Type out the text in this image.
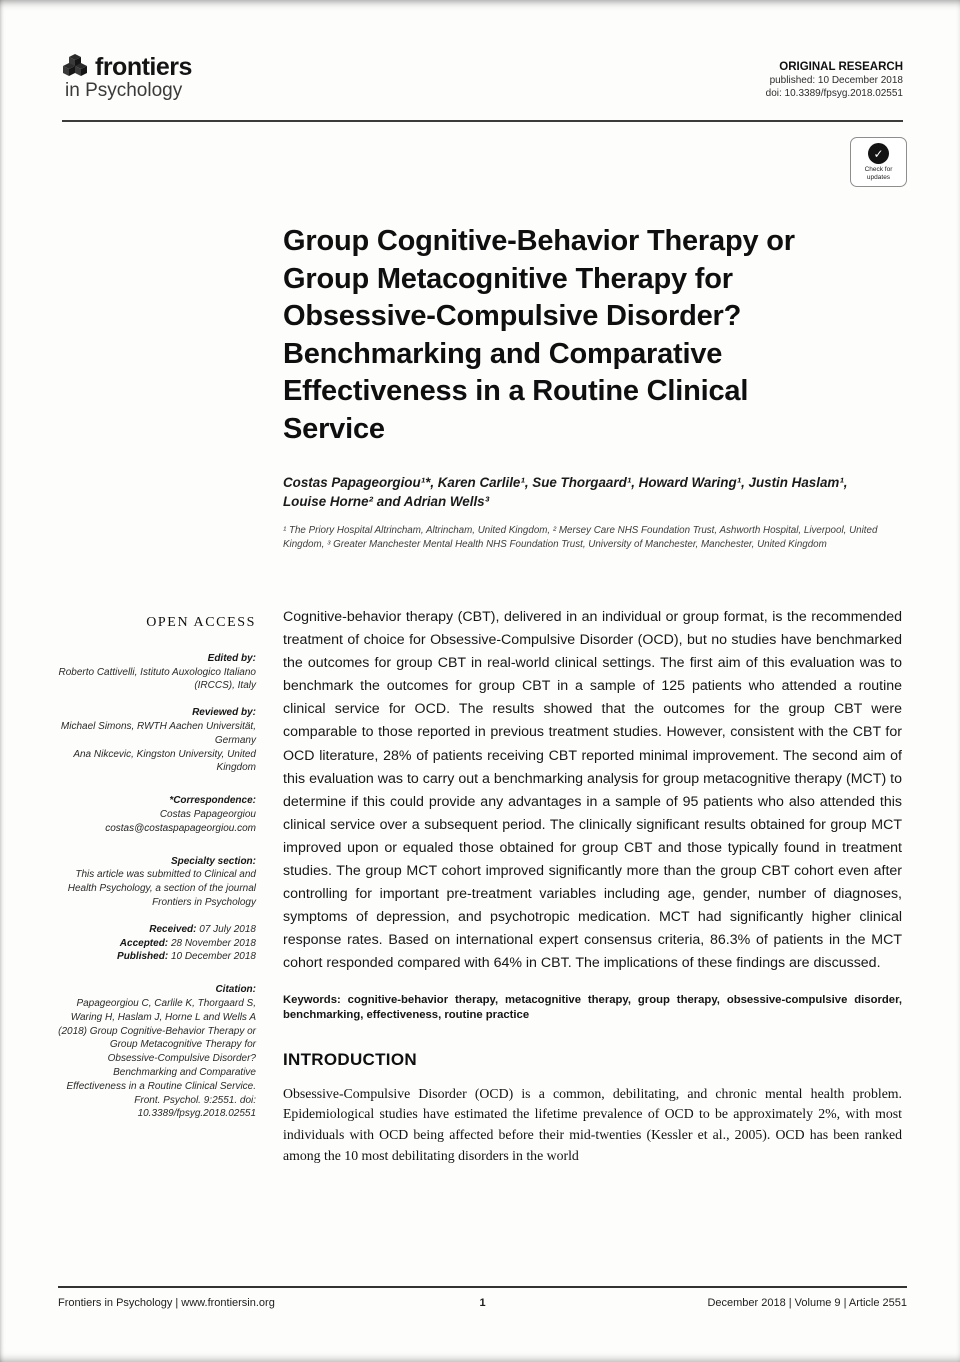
frontiers
in Psychology
ORIGINAL RESEARCH
published: 10 December 2018
doi: 10.3389/fpsyg.2018.02551
✓
Check for
updates
Group Cognitive-Behavior Therapy or Group Metacognitive Therapy for Obsessive-Compulsive Disorder? Benchmarking and Comparative Effectiveness in a Routine Clinical Service
Costas Papageorgiou¹*, Karen Carlile¹, Sue Thorgaard¹, Howard Waring¹, Justin Haslam¹, Louise Horne² and Adrian Wells³
¹ The Priory Hospital Altrincham, Altrincham, United Kingdom, ² Mersey Care NHS Foundation Trust, Ashworth Hospital, Liverpool, United Kingdom, ³ Greater Manchester Mental Health NHS Foundation Trust, University of Manchester, Manchester, United Kingdom
OPEN ACCESS
Edited by:
Roberto Cattivelli, Istituto Auxologico Italiano (IRCCS), Italy
Reviewed by:
Michael Simons, RWTH Aachen Universität, Germany
Ana Nikcevic, Kingston University, United Kingdom
*Correspondence:
Costas Papageorgiou
costas@costaspapageorgiou.com
Specialty section:
This article was submitted to Clinical and Health Psychology, a section of the journal Frontiers in Psychology
Received: 07 July 2018
Accepted: 28 November 2018
Published: 10 December 2018
Citation:
Papageorgiou C, Carlile K, Thorgaard S, Waring H, Haslam J, Horne L and Wells A (2018) Group Cognitive-Behavior Therapy or Group Metacognitive Therapy for Obsessive-Compulsive Disorder? Benchmarking and Comparative Effectiveness in a Routine Clinical Service. Front. Psychol. 9:2551. doi: 10.3389/fpsyg.2018.02551

Cognitive-behavior therapy (CBT), delivered in an individual or group format, is the recommended treatment of choice for Obsessive-Compulsive Disorder (OCD), but no studies have benchmarked the outcomes for group CBT in real-world clinical settings. The first aim of this evaluation was to benchmark the outcomes for group CBT in a sample of 125 patients who attended a routine clinical service for OCD. The results showed that the outcomes for the group CBT were comparable to those reported in previous treatment studies. However, consistent with the CBT for OCD literature, 28% of patients receiving CBT reported minimal improvement. The second aim of this evaluation was to carry out a benchmarking analysis for group metacognitive therapy (MCT) to determine if this could provide any advantages in a sample of 95 patients who also attended this clinical service over a subsequent period. The clinically significant results obtained for group MCT improved upon or equaled those obtained for group CBT and those typically found in treatment studies. The group MCT cohort improved significantly more than the group CBT cohort even after controlling for important pre-treatment variables including age, gender, number of diagnoses, symptoms of depression, and psychotropic medication. MCT had significantly higher clinical response rates. Based on international expert consensus criteria, 86.3% of patients in the MCT cohort responded compared with 64% in CBT. The implications of these findings are discussed.

Keywords: cognitive-behavior therapy, metacognitive therapy, group therapy, obsessive-compulsive disorder, benchmarking, effectiveness, routine practice

INTRODUCTION

Obsessive-Compulsive Disorder (OCD) is a common, debilitating, and chronic mental health problem. Epidemiological studies have estimated the lifetime prevalence of OCD to be approximately 2%, with most individuals with OCD being affected before their mid-twenties (Kessler et al., 2005). OCD has been ranked among the 10 most debilitating disorders in the world

Frontiers in Psychology | www.frontiersin.org	1	December 2018 | Volume 9 | Article 2551
